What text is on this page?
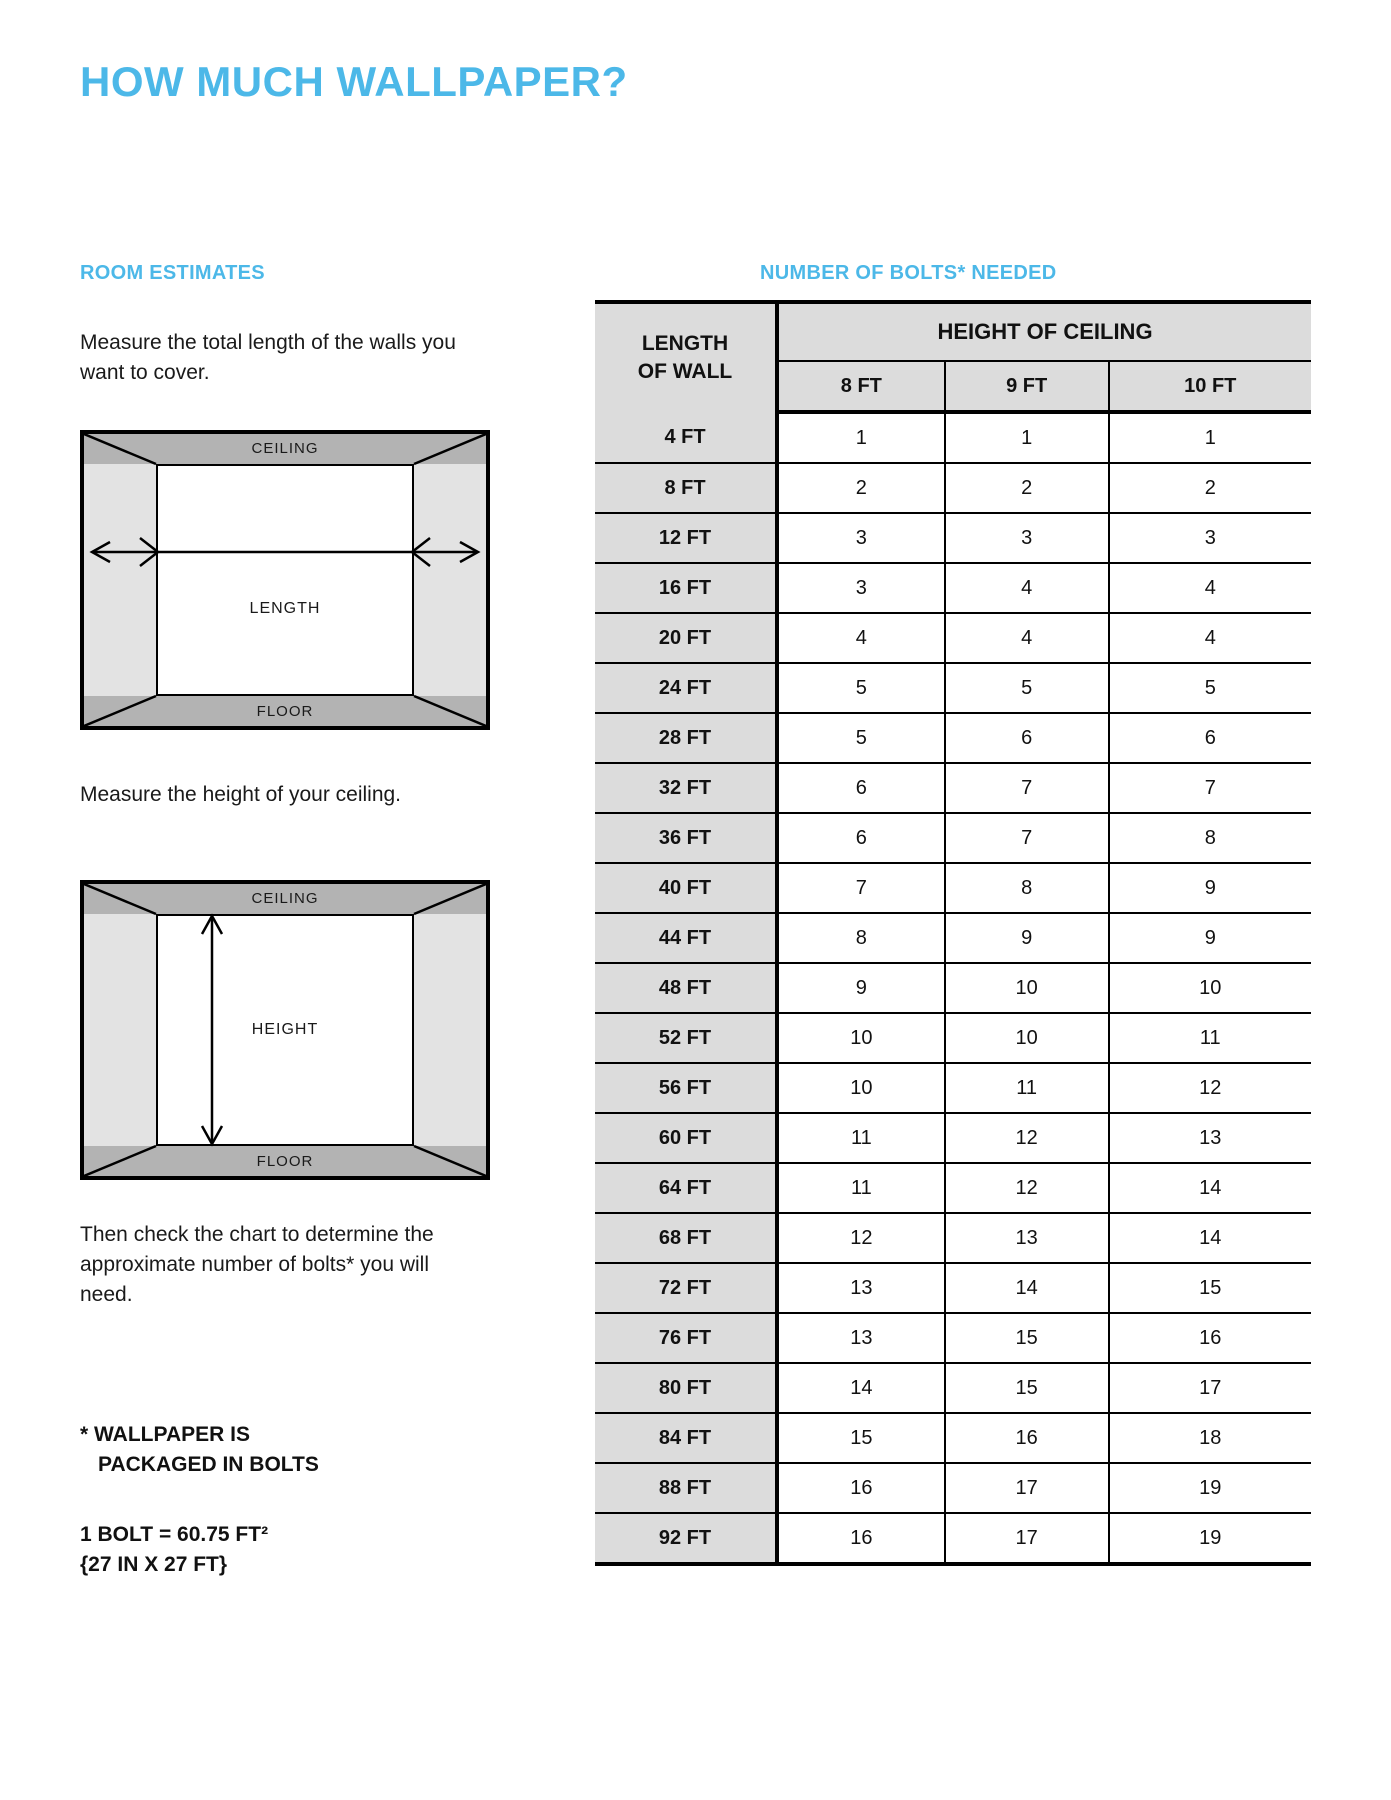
HOW MUCH WALLPAPER?
ROOM ESTIMATES	NUMBER OF BOLTS* NEEDED
Measure the total length of the walls you want to cover.
CEILING
FLOOR
LENGTH
Measure the height of your ceiling.
CEILING
FLOOR
HEIGHT
Then check the chart to determine the approximate number of bolts* you will need.
* WALLPAPER IS
PACKAGED IN BOLTS
1 BOLT = 60.75 FT²
{27 IN X 27 FT}
LENGTH
OF WALL	HEIGHT OF CEILING		
	8 FT	9 FT	10 FT
4 FT	1	1	1
8 FT	2	2	2
12 FT	3	3	3
16 FT	3	4	4
20 FT	4	4	4
24 FT	5	5	5
28 FT	5	6	6
32 FT	6	7	7
36 FT	6	7	8
40 FT	7	8	9
44 FT	8	9	9
48 FT	9	10	10
52 FT	10	10	11
56 FT	10	11	12
60 FT	11	12	13
64 FT	11	12	14
68 FT	12	13	14
72 FT	13	14	15
76 FT	13	15	16
80 FT	14	15	17
84 FT	15	16	18
88 FT	16	17	19
92 FT	16	17	19
